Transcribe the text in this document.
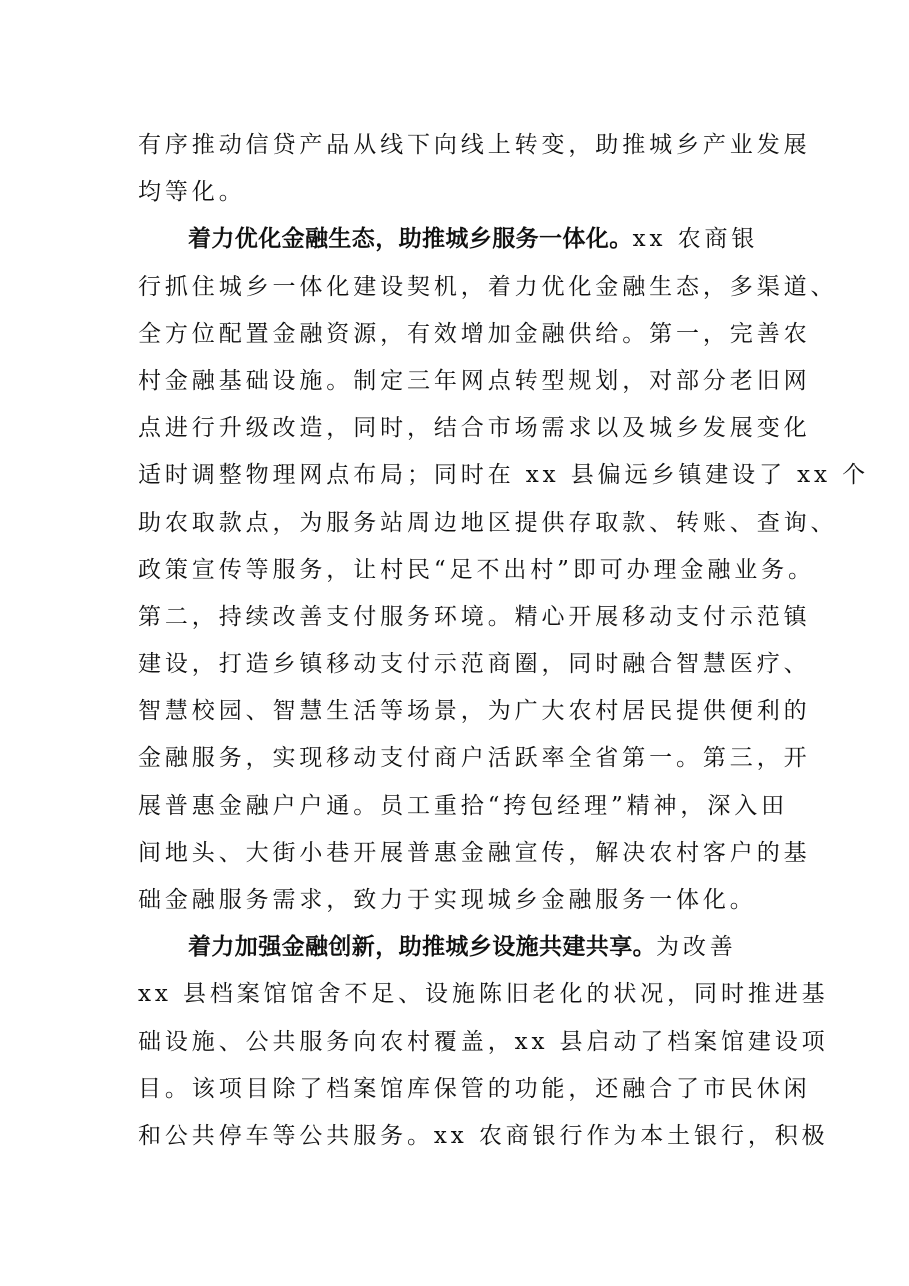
有序推动信贷产品从线下向线上转变，助推城乡产业发展
均等化。
着力优化金融生态，助推城乡服务一体化。xx 农商银
行抓住城乡一体化建设契机，着力优化金融生态，多渠道、
全方位配置金融资源，有效增加金融供给。第一，完善农
村金融基础设施。制定三年网点转型规划，对部分老旧网
点进行升级改造，同时，结合市场需求以及城乡发展变化
适时调整物理网点布局；同时在 xx 县偏远乡镇建设了 xx 个
助农取款点，为服务站周边地区提供存取款、转账、查询、
政策宣传等服务，让村民“足不出村”即可办理金融业务。
第二，持续改善支付服务环境。精心开展移动支付示范镇
建设，打造乡镇移动支付示范商圈，同时融合智慧医疗、
智慧校园、智慧生活等场景，为广大农村居民提供便利的
金融服务，实现移动支付商户活跃率全省第一。第三，开
展普惠金融户户通。员工重拾“挎包经理”精神，深入田
间地头、大街小巷开展普惠金融宣传，解决农村客户的基
础金融服务需求，致力于实现城乡金融服务一体化。
着力加强金融创新，助推城乡设施共建共享。为改善
xx 县档案馆馆舍不足、设施陈旧老化的状况，同时推进基
础设施、公共服务向农村覆盖，xx 县启动了档案馆建设项
目。该项目除了档案馆库保管的功能，还融合了市民休闲
和公共停车等公共服务。xx 农商银行作为本土银行，积极
